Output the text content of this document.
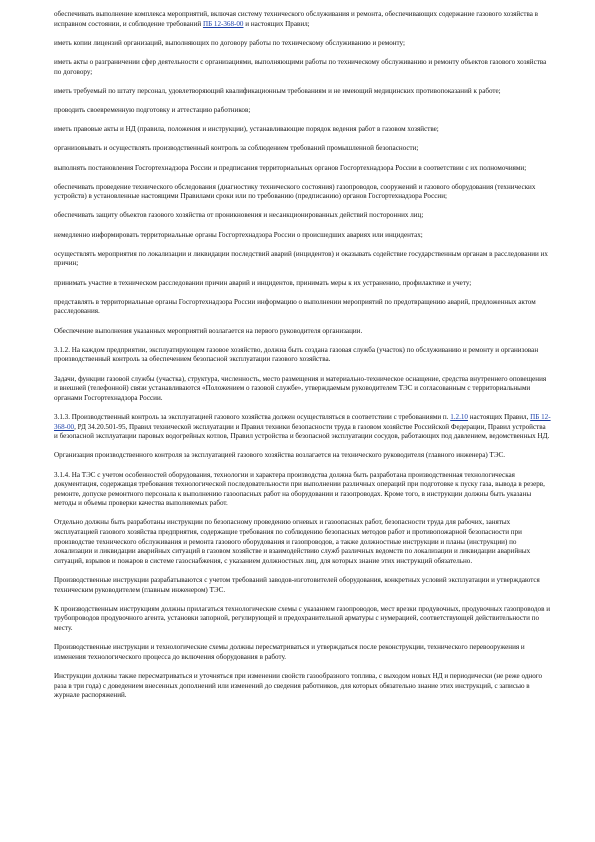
обеспечивать выполнение комплекса мероприятий, включая систему технического обслуживания и ремонта, обеспечивающих содержание газового хозяйства в исправном состоянии, и соблюдение требований ПБ 12-368-00 и настоящих Правил;

иметь копии лицензий организаций, выполняющих по договору работы по техническому обслуживанию и ремонту;

иметь акты о разграничении сфер деятельности с организациями, выполняющими работы по техническому обслуживанию и ремонту объектов газового хозяйства по договору;

иметь требуемый по штату персонал, удовлетворяющий квалификационным требованиям и не имеющий медицинских противопоказаний к работе;

проводить своевременную подготовку и аттестацию работников;

иметь правовые акты и НД (правила, положения и инструкции), устанавливающие порядок ведения работ в газовом хозяйстве;

организовывать и осуществлять производственный контроль за соблюдением требований промышленной безопасности;

выполнять постановления Госгортехнадзора России и предписания территориальных органов Госгортехнадзора России в соответствии с их полномочиями;

обеспечивать проведение технического обследования (диагностику технического состояния) газопроводов, сооружений и газового оборудования (технических устройств) в установленные настоящими Правилами сроки или по требованию (предписанию) органов Госгортехнадзора России;

обеспечивать защиту объектов газового хозяйства от проникновения и несанкционированных действий посторонних лиц;

немедленно информировать территориальные органы Госгортехнадзора России о происшедших авариях или инцидентах;

осуществлять мероприятия по локализации и ликвидации последствий аварий (инцидентов) и оказывать содействие государственным органам в расследовании их причин;

принимать участие в техническом расследовании причин аварий и инцидентов, принимать меры к их устранению, профилактике и учету;

представлять в территориальные органы Госгортехнадзора России информацию о выполнении мероприятий по предотвращению аварий, предложенных актом расследования.

Обеспечение выполнения указанных мероприятий возлагается на первого руководителя организации.

3.1.2. На каждом предприятии, эксплуатирующем газовое хозяйство, должна быть создана газовая служба (участок) по обслуживанию и ремонту и организован производственный контроль за обеспечением безопасной эксплуатации газового хозяйства.

Задачи, функции газовой службы (участка), структура, численность, место размещения и материально-техническое оснащение, средства внутреннего оповещения и внешней (телефонной) связи устанавливаются «Положением о газовой службе», утверждаемым руководителем ТЭС и согласованным с территориальными органами Госгортехнадзора России.

3.1.3. Производственный контроль за эксплуатацией газового хозяйства должен осуществляться в соответствии с требованиями п. 1.2.10 настоящих Правил, ПБ 12-368-00, РД 34.20.501-95, Правил технической эксплуатации и Правил техники безопасности труда в газовом хозяйстве Российской Федерации, Правил устройства и безопасной эксплуатации паровых водогрейных котлов, Правил устройства и безопасной эксплуатации сосудов, работающих под давлением, ведомственных НД.

Организация производственного контроля за эксплуатацией газового хозяйства возлагается на технического руководителя (главного инженера) ТЭС.

3.1.4. На ТЭС с учетом особенностей оборудования, технологии и характера производства должна быть разработана производственная технологическая документация, содержащая требования технологической последовательности при выполнении различных операций при подготовке к пуску газа, вывода в резерв, ремонте, допуске ремонтного персонала к выполнению газоопасных работ на оборудовании и газопроводах. Кроме того, в инструкции должны быть указаны методы и объемы проверки качества выполняемых работ.

Отдельно должны быть разработаны инструкции по безопасному проведению огневых и газоопасных работ, безопасности труда для рабочих, занятых эксплуатацией газового хозяйства предприятия, содержащие требования по соблюдению безопасных методов работ и противопожарной безопасности при производстве технического обслуживания и ремонта газового оборудования и газопроводов, а также должностные инструкции и планы (инструкции) по локализации и ликвидации аварийных ситуаций в газовом хозяйстве и взаимодействию служб различных ведомств по локализации и ликвидации аварийных ситуаций, взрывов и пожаров в системе газоснабжения, с указанием должностных лиц, для которых знание этих инструкций обязательно.

Производственные инструкции разрабатываются с учетом требований заводов-изготовителей оборудования, конкретных условий эксплуатации и утверждаются техническим руководителем (главным инженером) ТЭС.

К производственным инструкциям должны прилагаться технологические схемы с указанием газопроводов, мест врезки продувочных, продувочных газопроводов и трубопроводов продувочного агента, установки запорной, регулирующей и предохранительной арматуры с нумерацией, соответствующей действительности по месту.

Производственные инструкции и технологические схемы должны пересматриваться и утверждаться после реконструкции, технического перевооружения и изменения технологического процесса до включения оборудования в работу.

Инструкции должны также пересматриваться и уточняться при изменении свойств газообразного топлива, с выходом новых НД и периодически (не реже одного раза в три года) с доведением внесенных дополнений или изменений до сведения работников, для которых обязательно знание этих инструкций, с записью в журнале распоряжений.
